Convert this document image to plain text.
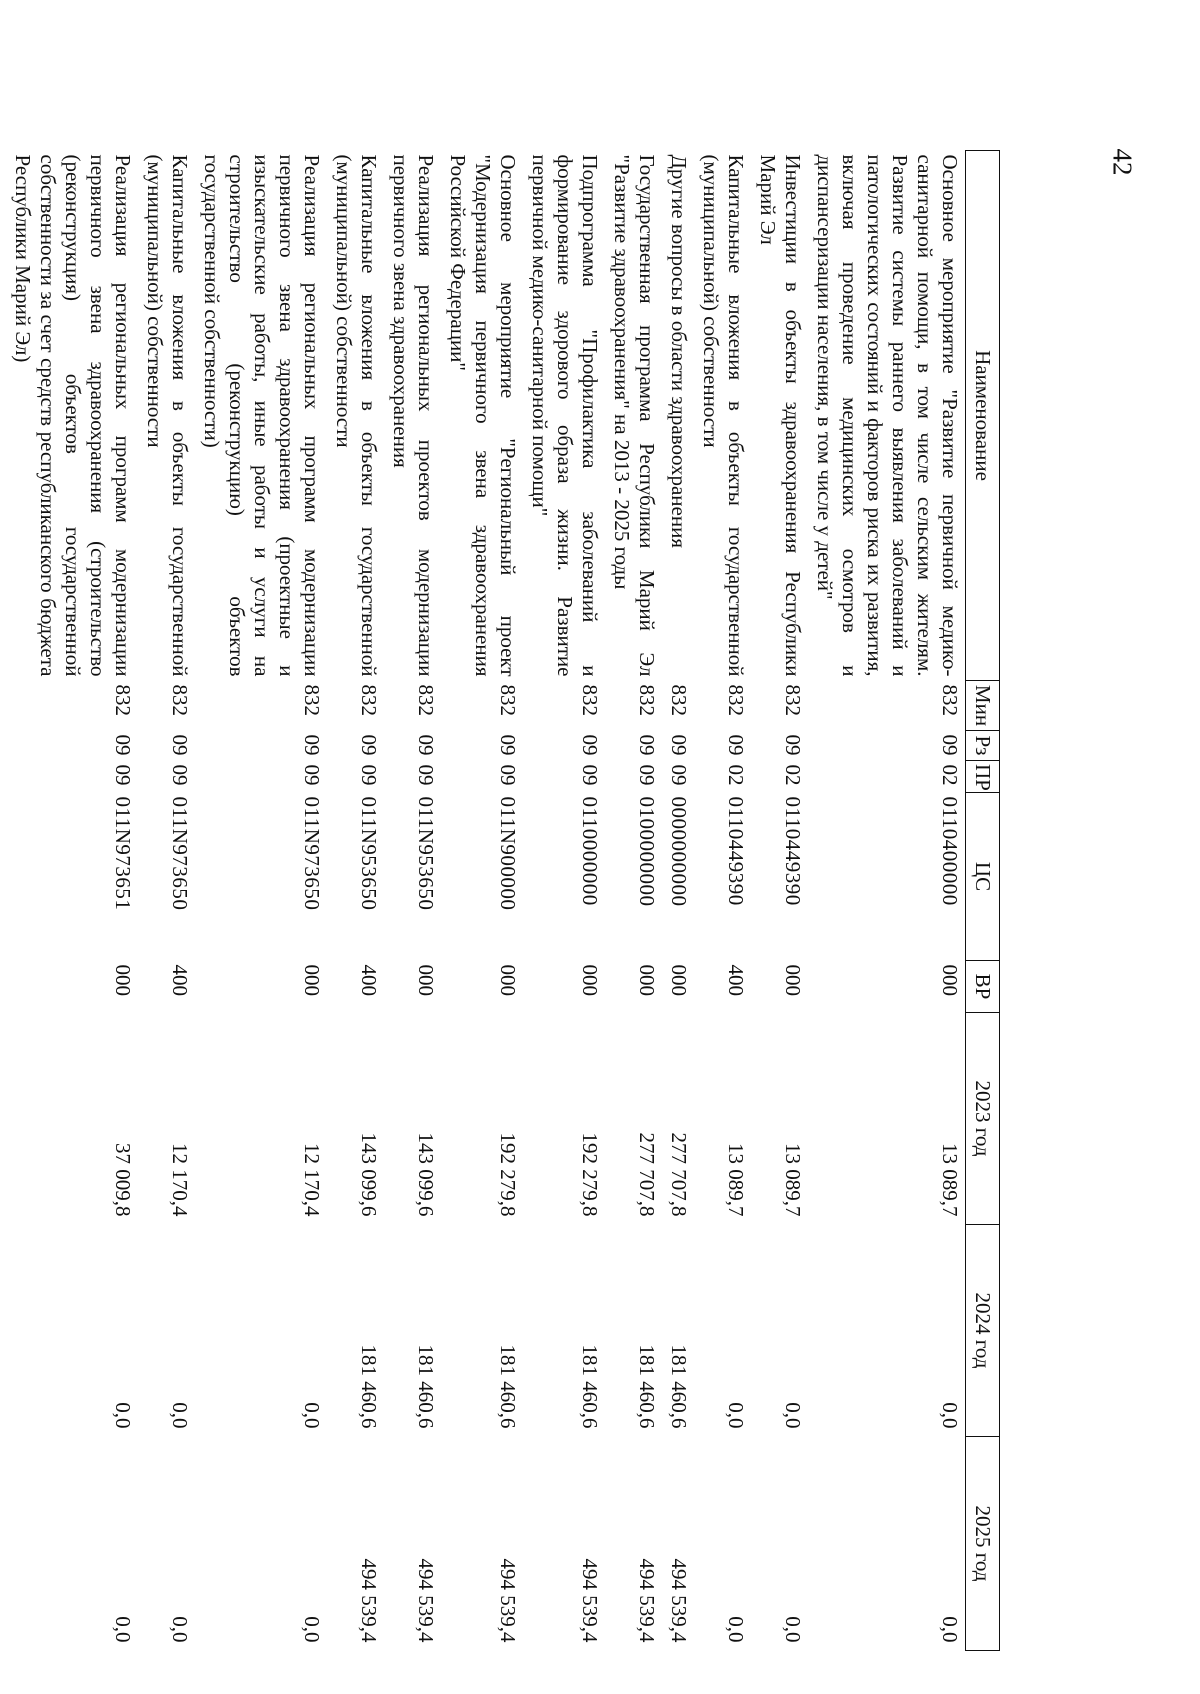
42
Наименование	Мин	Рз	ПР	ЦС	ВР	2023 год	2024 год	2025 год
Основное мероприятие "Развитие первичной медико-санитарной помощи, в том числе сельским жителям. Развитие системы раннего выявления заболеваний и патологических состояний и факторов риска их развития, включая проведение медицинских осмотров и диспансеризации населения, в том числе у детей"	832	09	02	0110400000	000	13 089,7	0,0	0,0
Инвестиции в объекты здравоохранения Республики Марий Эл	832	09	02	0110449390	000	13 089,7	0,0	0,0
Капитальные вложения в объекты государственной (муниципальной) собственности	832	09	02	0110449390	400	13 089,7	0,0	0,0
Другие вопросы в области здравоохранения	832	09	09	0000000000	000	277 707,8	181 460,6	494 539,4
Государственная программа Республики Марий Эл "Развитие здравоохранения" на 2013 - 2025 годы	832	09	09	0100000000	000	277 707,8	181 460,6	494 539,4
Подпрограмма "Профилактика заболеваний и формирование здорового образа жизни. Развитие первичной медико-санитарной помощи"	832	09	09	0110000000	000	192 279,8	181 460,6	494 539,4
Основное мероприятие "Региональный проект "Модернизация первичного звена здравоохранения Российской Федерации"	832	09	09	011N900000	000	192 279,8	181 460,6	494 539,4
Реализация региональных проектов модернизации первичного звена здравоохранения	832	09	09	011N953650	000	143 099,6	181 460,6	494 539,4
Капитальные вложения в объекты государственной (муниципальной) собственности	832	09	09	011N953650	400	143 099,6	181 460,6	494 539,4
Реализация региональных программ модернизации первичного звена здравоохранения (проектные и изыскательские работы, иные работы и услуги на строительство (реконструкцию) объектов государственной собственности)	832	09	09	011N973650	000	12 170,4	0,0	0,0
Капитальные вложения в объекты государственной (муниципальной) собственности	832	09	09	011N973650	400	12 170,4	0,0	0,0
Реализация региональных программ модернизации первичного звена здравоохранения (строительство (реконструкция) объектов государственной собственности за счет средств республиканского бюджета Республики Марий Эл)	832	09	09	011N973651	000	37 009,8	0,0	0,0
